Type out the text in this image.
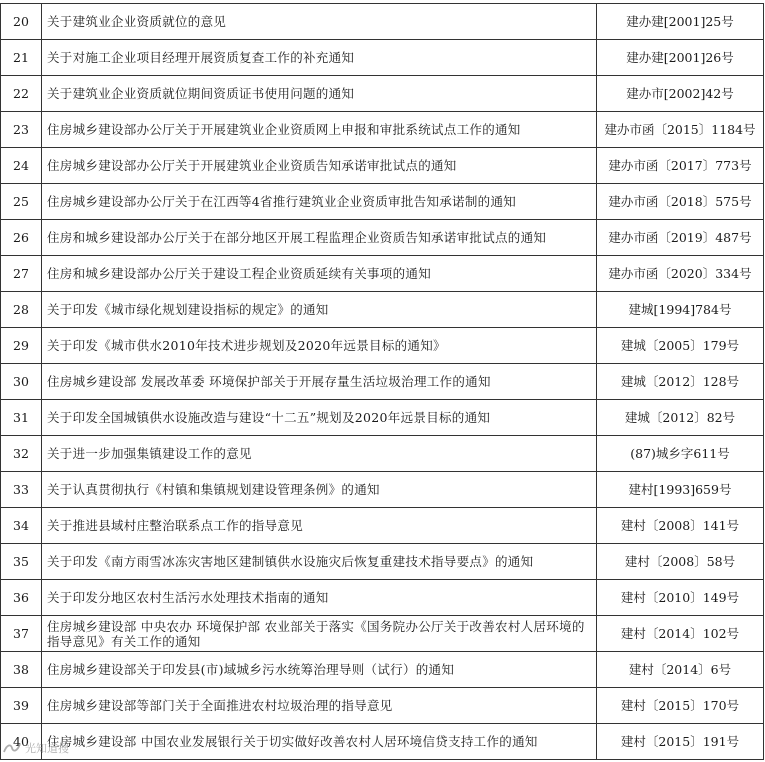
20	关于建筑业企业资质就位的意见	建办建[2001]25号
21	关于对施工企业项目经理开展资质复查工作的补充通知	建办建[2001]26号
22	关于建筑业企业资质就位期间资质证书使用问题的通知	建办市[2002]42号
23	住房城乡建设部办公厅关于开展建筑业企业资质网上申报和审批系统试点工作的通知	建办市函〔2015〕1184号
24	住房城乡建设部办公厅关于开展建筑业企业资质告知承诺审批试点的通知	建办市函〔2017〕773号
25	住房城乡建设部办公厅关于在江西等4省推行建筑业企业资质审批告知承诺制的通知	建办市函〔2018〕575号
26	住房和城乡建设部办公厅关于在部分地区开展工程监理企业资质告知承诺审批试点的通知	建办市函〔2019〕487号
27	住房和城乡建设部办公厅关于建设工程企业资质延续有关事项的通知	建办市函〔2020〕334号
28	关于印发《城市绿化规划建设指标的规定》的通知	建城[1994]784号
29	关于印发《城市供水2010年技术进步规划及2020年远景目标的通知》	建城〔2005〕179号
30	住房城乡建设部 发展改革委 环境保护部关于开展存量生活垃圾治理工作的通知	建城〔2012〕128号
31	关于印发全国城镇供水设施改造与建设“十二五”规划及2020年远景目标的通知	建城〔2012〕82号
32	关于进一步加强集镇建设工作的意见	(87)城乡字611号
33	关于认真贯彻执行《村镇和集镇规划建设管理条例》的通知	建村[1993]659号
34	关于推进县域村庄整治联系点工作的指导意见	建村〔2008〕141号
35	关于印发《南方雨雪冰冻灾害地区建制镇供水设施灾后恢复重建技术指导要点》的通知	建村〔2008〕58号
36	关于印发分地区农村生活污水处理技术指南的通知	建村〔2010〕149号
37	住房城乡建设部 中央农办 环境保护部 农业部关于落实《国务院办公厅关于改善农村人居环境的指导意见》有关工作的通知	建村〔2014〕102号
38	住房城乡建设部关于印发县(市)域城乡污水统筹治理导则（试行）的通知	建村〔2014〕6号
39	住房城乡建设部等部门关于全面推进农村垃圾治理的指导意见	建村〔2015〕170号
40	住房城乡建设部 中国农业发展银行关于切实做好改善农村人居环境信贷支持工作的通知	建村〔2015〕191号
光知道搜
